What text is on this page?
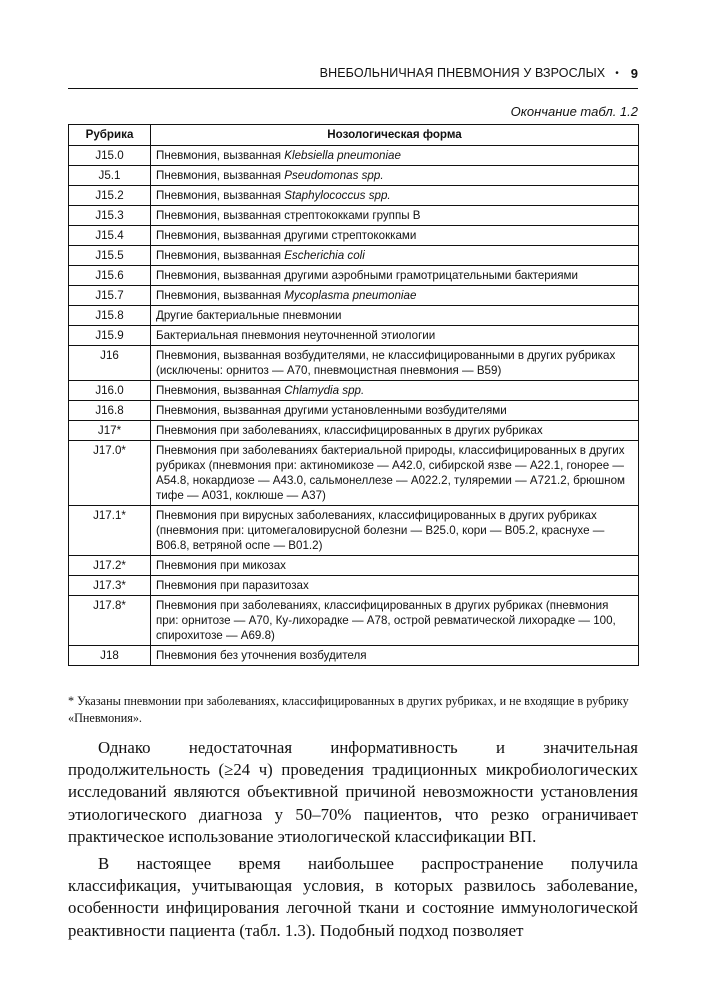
ВНЕБОЛЬНИЧНАЯ ПНЕВМОНИЯ У ВЗРОСЛЫХ • 9
Окончание табл. 1.2
Рубрика	Нозологическая форма
J15.0	Пневмония, вызванная Klebsiella pneumoniae
J5.1	Пневмония, вызванная Pseudomonas spp.
J15.2	Пневмония, вызванная Staphylococcus spp.
J15.3	Пневмония, вызванная стрептококками группы B
J15.4	Пневмония, вызванная другими стрептококками
J15.5	Пневмония, вызванная Escherichia coli
J15.6	Пневмония, вызванная другими аэробными грамотрицательными бактериями
J15.7	Пневмония, вызванная Mycoplasma pneumoniae
J15.8	Другие бактериальные пневмонии
J15.9	Бактериальная пневмония неуточненной этиологии
J16	Пневмония, вызванная возбудителями, не классифицированными в других рубриках (исключены: орнитоз — A70, пневмоцистная пневмония — B59)
J16.0	Пневмония, вызванная Chlamydia spp.
J16.8	Пневмония, вызванная другими установленными возбудителями
J17*	Пневмония при заболеваниях, классифицированных в других рубриках
J17.0*	Пневмония при заболеваниях бактериальной природы, классифицированных в других рубриках (пневмония при: актиномикозе — A42.0, сибирской язве — A22.1, гонорее — A54.8, нокардиозе — A43.0, сальмонеллезе — A022.2, туляремии — A721.2, брюшном тифе — A031, коклюше — A37)
J17.1*	Пневмония при вирусных заболеваниях, классифицированных в других рубриках (пневмония при: цитомегаловирусной болезни — B25.0, кори — B05.2, краснухе — B06.8, ветряной оспе — B01.2)
J17.2*	Пневмония при микозах
J17.3*	Пневмония при паразитозах
J17.8*	Пневмония при заболеваниях, классифицированных в других рубриках (пневмония при: орнитозе — A70, Ку-лихорадке — A78, острой ревматической лихорадке — 100, спирохитозе — A69.8)
J18	Пневмония без уточнения возбудителя
* Указаны пневмонии при заболеваниях, классифицированных в других рубриках, и не входящие в рубрику «Пневмония».

Однако недостаточная информативность и значительная продолжительность (≥24 ч) проведения традиционных микробиологических исследований являются объективной причиной невозможности установления этиологического диагноза у 50–70% пациентов, что резко ограничивает практическое использование этиологической классификации ВП.

В настоящее время наибольшее распространение получила классификация, учитывающая условия, в которых развилось заболевание, особенности инфицирования легочной ткани и состояние иммунологической реактивности пациента (табл. 1.3). Подобный подход позволяет
